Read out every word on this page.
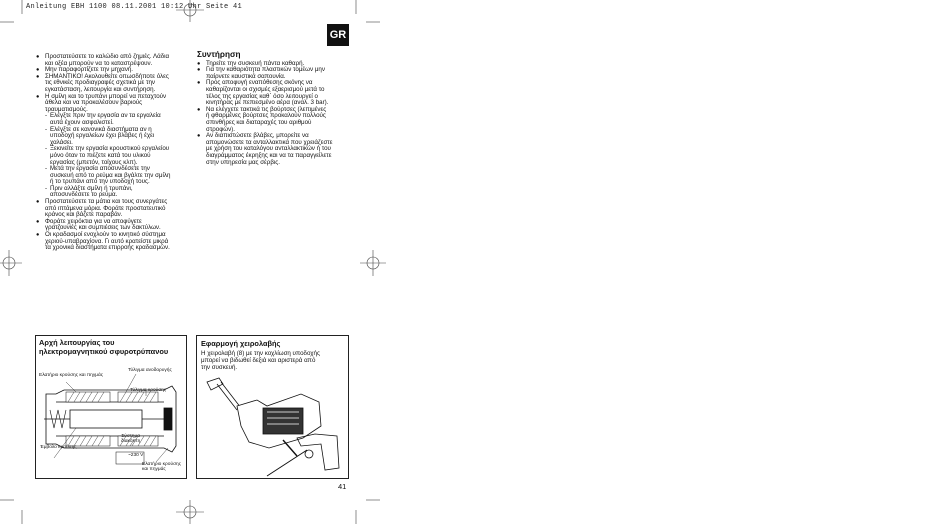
Anleitung EBH 1100 08.11.2001 10:12 Uhr Seite 41
GR
● Προστατεύσετε το καλώδιο από ζημιές. Λάδια
και οξέα μπορούν να το καταστρέψουν.
● Μην παραφορτίζετε την μηχανή.
● ΣΗΜΑΝΤΙΚΟ! Ακολουθείτε οπωσδήποτε όλες
τις εθνικές προδιαγραφές σχετικά με την
εγκατάσταση, λειτουργία και συντήρηση.
● Η σμίλη και το τρυπάνι μπορεί να πεταχτούν
άθελα και να προκαλέσουν βαριούς
τραυματισμούς.
- Ελέγξτε πριν την εργασία αν τα εργαλεία
αυτά έχουν ασφαλιστεί.
- Ελέγξτε σε κανονικά διαστήματα αν η
υποδοχή εργαλείων έχει βλάβες ή έχει
χαλάσει.
- Ξεκινείτε την εργασία κρουστικού εργαλείου
μόνο όταν το πιέζετε κατά του υλικού
εργασίας (μπετόν, τοίχους κλπ).
- Μετά την εργασία αποσυνδέσετε την
συσκευή από το ρεύμα και βγάλτε την σμίλη
ή το τρυπάνι από την υποδοχή τους.
- Πριν αλλάξτε σμίλη ή τρυπάνι,
αποσυνδέσετε το ρεύμα.
● Προστατεύσετε τα μάτια και τους συνεργάτες
από ιπτάμενα μόρια. Φοράτε προστατευτικό
κράνος και βάζετε παραβάν.
● Φοράτε χειρόκτια για να αποφύγετε
γρατζουνιές και συμπιέσεις των δακτύλων.
● Οι κραδασμοί ενοχλούν το κινητικό σύστημα
χεριού-υπαβραχίονα. Γι αυτό κρατείστε μικρά
τα χρονικά διαστήματα επιρροής κραδασμών.
Συντήρηση
● Τηρείτε την συσκευή πάντα καθαρή.
● Για την καθαριότητα πλαστικών τομέων μην
παίρνετε καυστικά σαπουνία.
● Προς αποφυγή εναπόθεσης σκόνης να
καθαρίζονται οι σχισμές εξαερισμού μετά το
τέλος της εργασίας καθ΄ όσο λειτουργεί ο
κινητήρας με πεπιεσμένο αέρα (αναλ. 3 bar).
● Να ελέγχετε τακτικά τις βούρτσες (λεπιμένες
ή φθαρμένες βούρτσες προκαλούν πολλούς
σπινθήρες και διαταραχές του αριθμού
στροφών).
● Αν διαπιστώσετε βλάβες, μπορείτε να
απομονώσετε τα ανταλλακτικά που χρειάζεστε
με χρήση του καταλόγου ανταλλακτικών ή του
διαγράμματος έκρηξης και να τα παραγγείλετε
στην υπηρεσία μας σέρβις.
Αρχή λειτουργίας του
ηλεκτρομαγνητικού σφυροτρύπανου
Ελατήριο κρούσης και πηγμάς
Τύλιγμα ανοδορυγής
Τύλιγμα κρούσης
Έμβολο κρούσης
Σύστημα
διακόπτη
~230 V
Ελατήριο κρούσης
και πηγμάς
Εφαρμογή χειρολαβής
Η χειρολαβή (8) με την κοχλίωση υποδοχής
μπορεί να βιδωθεί δεξιά και αριστερά από
την συσκευή.
41
